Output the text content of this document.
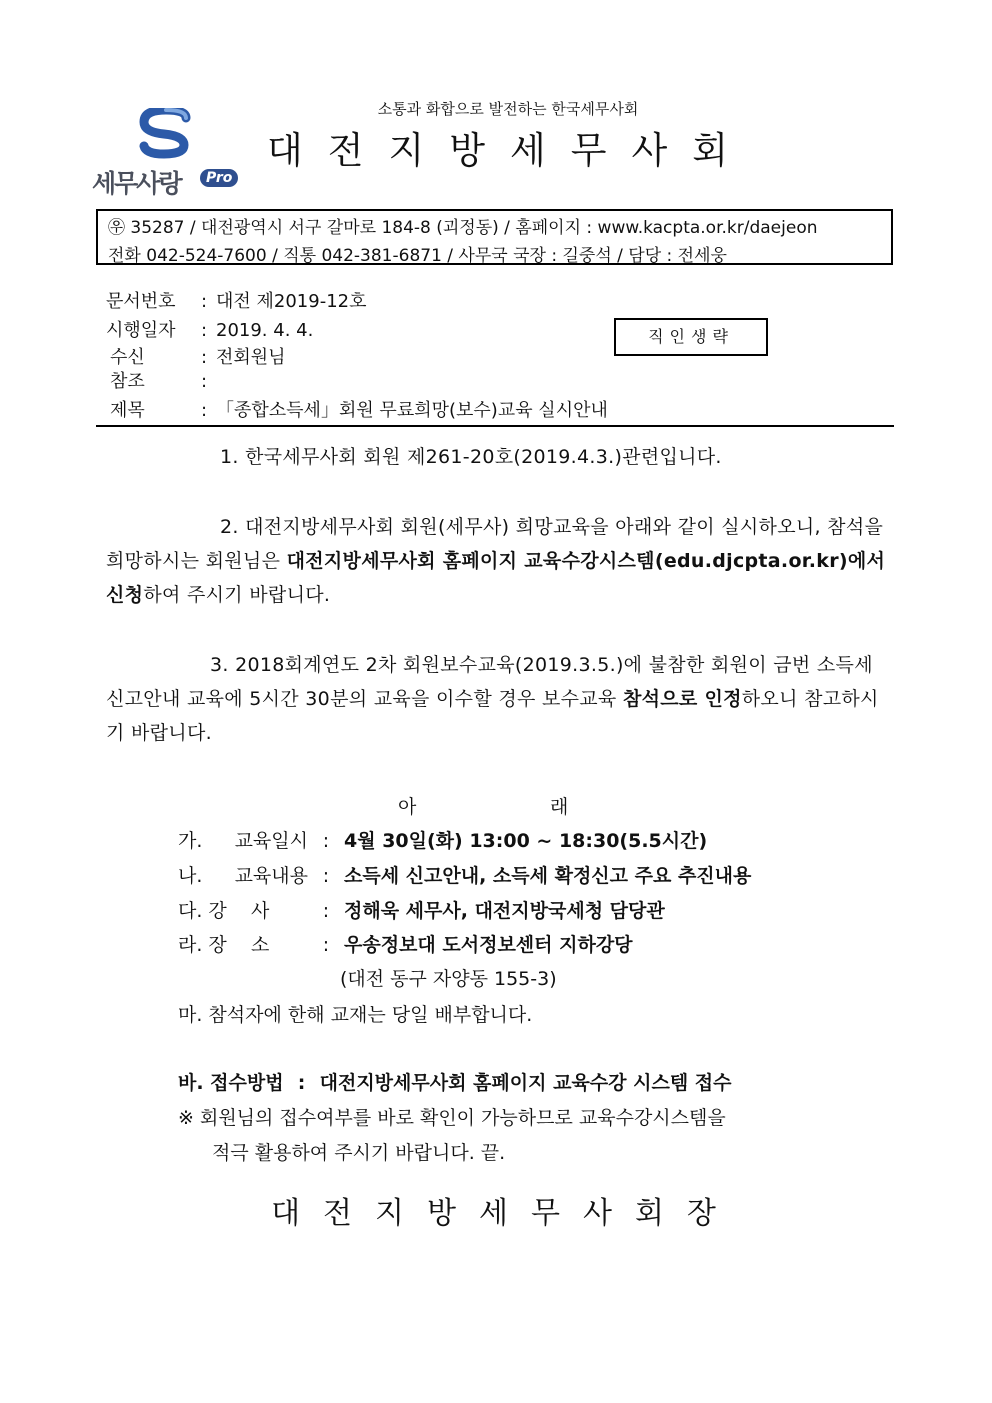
세무사랑	Pro
소통과 화합으로 발전하는 한국세무사회
대전지방세무사회
㉾ 35287 / 대전광역시 서구 갈마로 184-8 (괴정동) / 홈페이지 : www.kacpta.or.kr/daejeon
전화 042-524-7600 / 직통 042-381-6871 / 사무국 국장 : 길중석 / 담당 : 전세웅
문서번호 : 대전 제2019-12호
시행일자 : 2019. 4. 4.
수신	: 전회원님
참조	:
제목	: 「종합소득세」회원 무료희망(보수)교육 실시안내
직인생략
1. 한국세무사회 회원 제261-20호(2019.4.3.)관련입니다.
2. 대전지방세무사회 회원(세무사) 희망교육을 아래와 같이 실시하오니, 참석을 희망하시는 회원님은 대전지방세무사회 홈페이지 교육수강시스템(edu.djcpta.or.kr)에서 신청하여 주시기 바랍니다.
3. 2018회계연도 2차 회원보수교육(2019.3.5.)에 불참한 회원이 금번 소득세 신고안내 교육에 5시간 30분의 교육을 이수할 경우 보수교육 참석으로 인정하오니 참고하시기 바랍니다.
아	래
가. 교육일시 : 4월 30일(화) 13:00 ~ 18:30(5.5시간)
나. 교육내용 : 소득세 신고안내, 소득세 확정신고 주요 추진내용
다. 강    사	: 정해욱 세무사, 대전지방국세청 담당관
라. 장    소	: 우송정보대 도서정보센터 지하강당
(대전 동구 자양동 155-3)
마. 참석자에 한해 교재는 당일 배부합니다.
바. 접수방법 : 대전지방세무사회 홈페이지 교육수강 시스템 접수
※ 회원님의 접수여부를 바로 확인이 가능하므로 교육수강시스템을
적극 활용하여 주시기 바랍니다. 끝.
대전지방세무사회장
